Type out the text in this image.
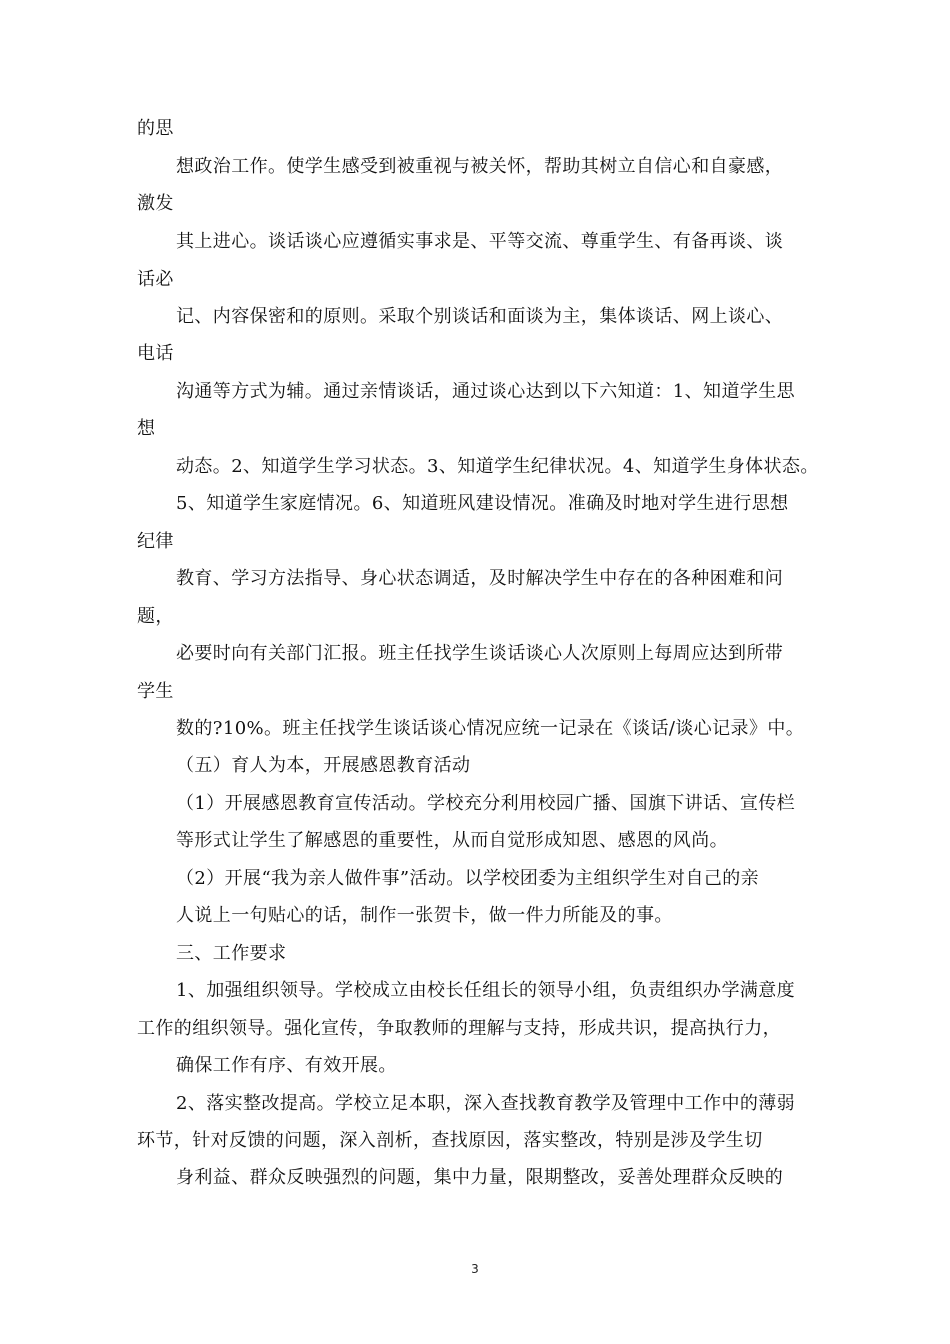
的思
想政治工作。使学生感受到被重视与被关怀，帮助其树立自信心和自豪感，
激发
其上进心。谈话谈心应遵循实事求是、平等交流、尊重学生、有备再谈、谈
话必
记、内容保密和的原则。采取个别谈话和面谈为主，集体谈话、网上谈心、
电话
沟通等方式为辅。通过亲情谈话，通过谈心达到以下六知道：1、知道学生思
想
动态。2、知道学生学习状态。3、知道学生纪律状况。4、知道学生身体状态。
5、知道学生家庭情况。6、知道班风建设情况。准确及时地对学生进行思想
纪律
教育、学习方法指导、身心状态调适，及时解决学生中存在的各种困难和问
题，
必要时向有关部门汇报。班主任找学生谈话谈心人次原则上每周应达到所带
学生
数的?10%。班主任找学生谈话谈心情况应统一记录在《谈话/谈心记录》中。
（五）育人为本，开展感恩教育活动
（1）开展感恩教育宣传活动。学校充分利用校园广播、国旗下讲话、宣传栏
等形式让学生了解感恩的重要性，从而自觉形成知恩、感恩的风尚。
（2）开展“我为亲人做件事”活动。以学校团委为主组织学生对自己的亲
人说上一句贴心的话，制作一张贺卡，做一件力所能及的事。
三、工作要求
1、加强组织领导。学校成立由校长任组长的领导小组，负责组织办学满意度
工作的组织领导。强化宣传，争取教师的理解与支持，形成共识，提高执行力，
确保工作有序、有效开展。
2、落实整改提高。学校立足本职，深入查找教育教学及管理中工作中的薄弱
环节，针对反馈的问题，深入剖析，查找原因，落实整改，特别是涉及学生切
身利益、群众反映强烈的问题，集中力量，限期整改，妥善处理群众反映的
3
